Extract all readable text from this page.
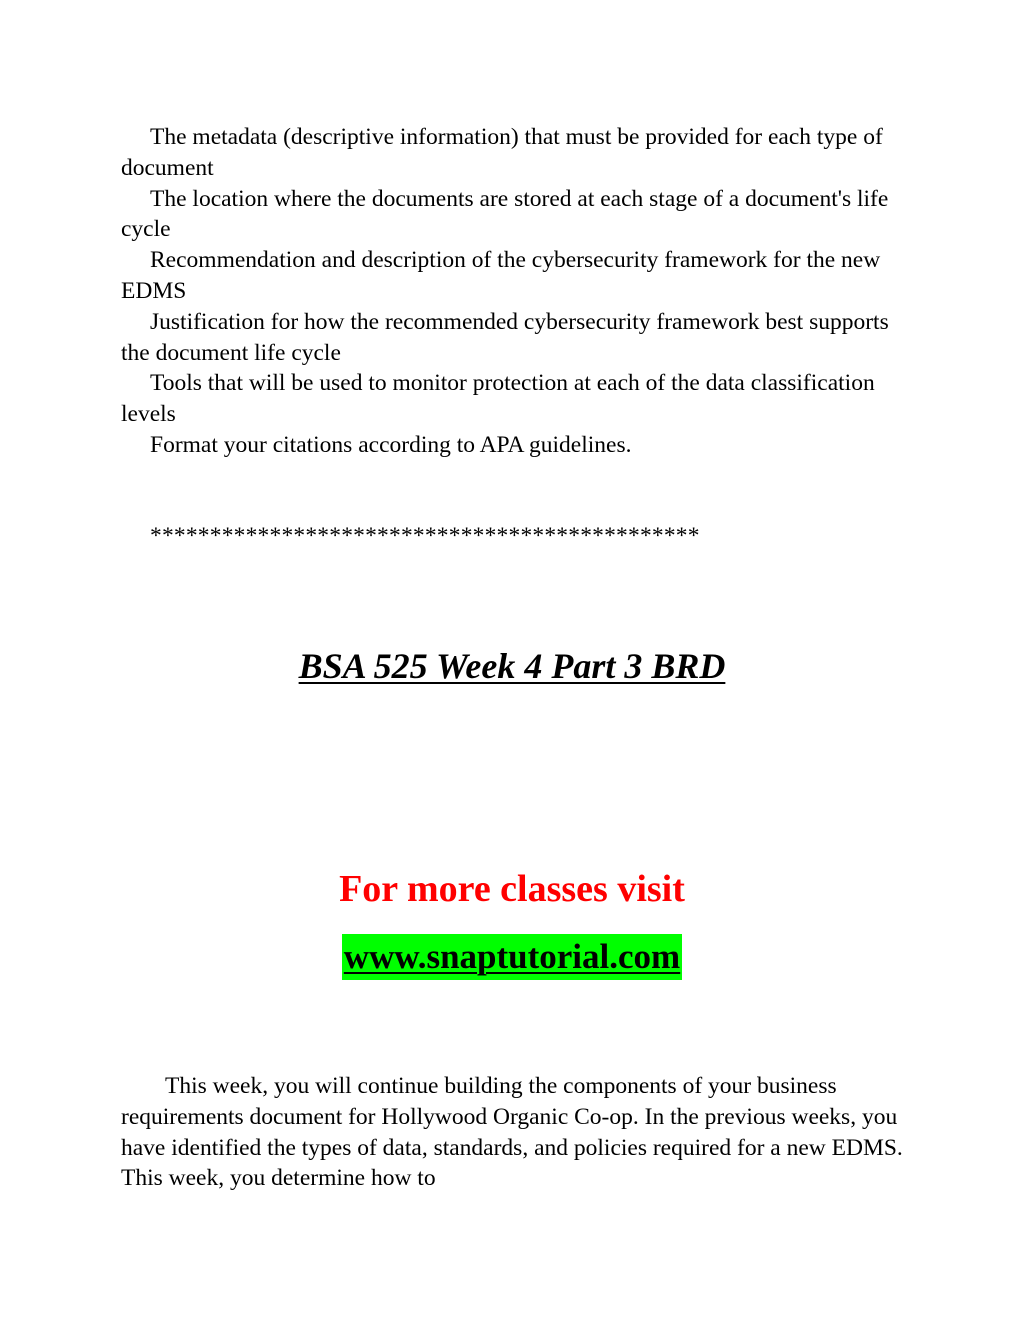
The metadata (descriptive information) that must be provided for each type of document

The location where the documents are stored at each stage of a document's life cycle

Recommendation and description of the cybersecurity framework for the new EDMS

Justification for how the recommended cybersecurity framework best supports the document life cycle

Tools that will be used to monitor protection at each of the data classification levels

Format your citations according to APA guidelines.

**********************************************
BSA 525 Week 4 Part 3 BRD
For more classes visit
www.snaptutorial.com

This week, you will continue building the components of your business requirements document for Hollywood Organic Co-op. In the previous weeks, you have identified the types of data, standards, and policies required for a new EDMS. This week, you determine how to
